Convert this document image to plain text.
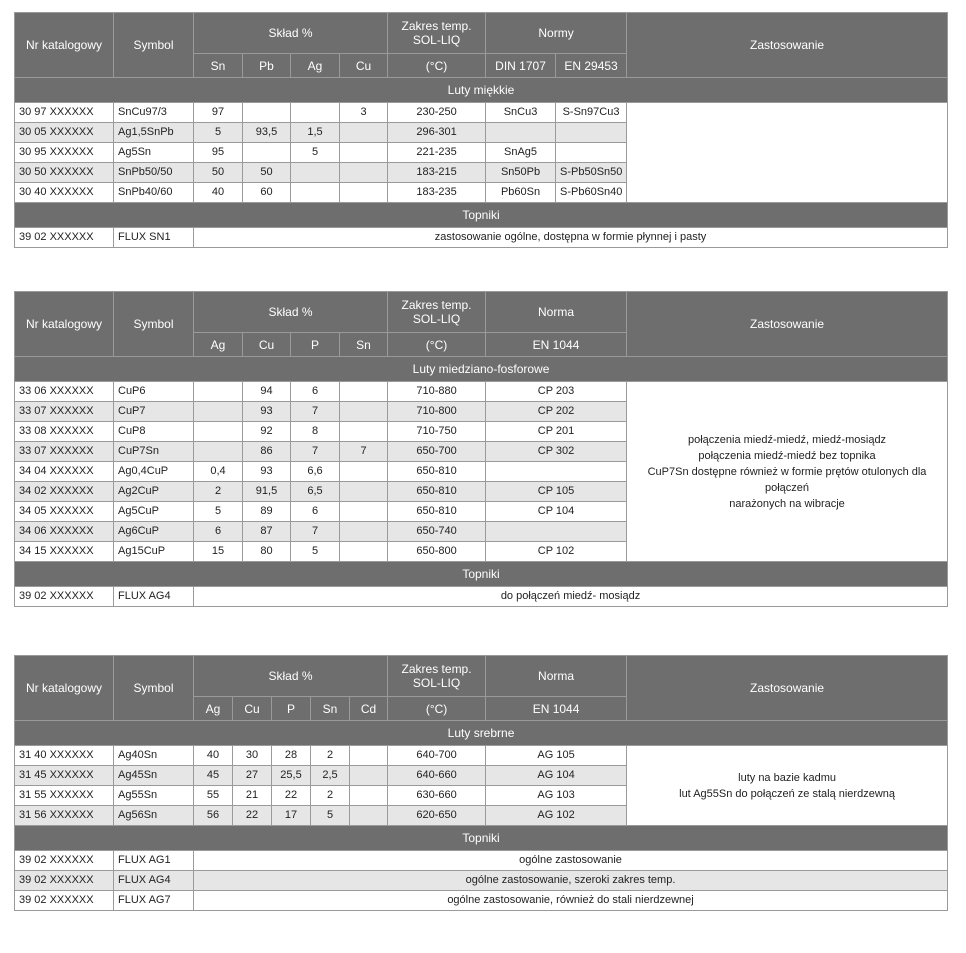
Nr katalogowy	Symbol	Skład %				Zakres temp.
SOL-LIQ	Normy		Zastosowanie
		Sn	Pb	Ag	Cu	(°C)	DIN 1707	EN 29453	
Luty miękkie									
30 97 XXXXXX	SnCu97/3	97			3	230-250	SnCu3	S-Sn97Cu3	
30 05 XXXXXX	Ag1,5SnPb	5	93,5	1,5		296-301			
30 95 XXXXXX	Ag5Sn	95		5		221-235	SnAg5		
30 50 XXXXXX	SnPb50/50	50	50			183-215	Sn50Pb	S-Pb50Sn50	
30 40 XXXXXX	SnPb40/60	40	60			183-235	Pb60Sn	S-Pb60Sn40	
Topniki									
39 02 XXXXXX	FLUX SN1	zastosowanie ogólne, dostępna w formie płynnej i pasty							
Nr katalogowy	Symbol	Skład %				Zakres temp.
SOL-LIQ	Norma	Zastosowanie
		Ag	Cu	P	Sn	(°C)	EN 1044	
Luty miedziano-fosforowe								
33 06 XXXXXX	CuP6		94	6		710-880	CP 203	połączenia miedź-miedź, miedź-mosiądz
połączenia miedź-miedź bez topnika
CuP7Sn dostępne również w formie prętów otulonych dla połączeń
narażonych na wibracje

33 07 XXXXXX	CuP7		93	7		710-800	CP 202	
33 08 XXXXXX	CuP8		92	8		710-750	CP 201	
33 07 XXXXXX	CuP7Sn		86	7	7	650-700	CP 302	
34 04 XXXXXX	Ag0,4CuP	0,4	93	6,6		650-810		
34 02 XXXXXX	Ag2CuP	2	91,5	6,5		650-810	CP 105	
34 05 XXXXXX	Ag5CuP	5	89	6		650-810	CP 104	
34 06 XXXXXX	Ag6CuP	6	87	7		650-740		
34 15 XXXXXX	Ag15CuP	15	80	5		650-800	CP 102	
Topniki								
39 02 XXXXXX	FLUX AG4	do połączeń miedź- mosiądz						
Nr katalogowy	Symbol	Skład %					Zakres temp.
SOL-LIQ	Norma	Zastosowanie
		Ag	Cu	P	Sn	Cd	(°C)	EN 1044	
Luty srebrne									
31 40 XXXXXX	Ag40Sn	40	30	28	2		640-700	AG 105	luty na bazie kadmu
lut Ag55Sn do połączeń ze stalą nierdzewną

31 45 XXXXXX	Ag45Sn	45	27	25,5	2,5		640-660	AG 104	
31 55 XXXXXX	Ag55Sn	55	21	22	2		630-660	AG 103	
31 56 XXXXXX	Ag56Sn	56	22	17	5		620-650	AG 102	
Topniki									
39 02 XXXXXX	FLUX AG1	ogólne zastosowanie							
39 02 XXXXXX	FLUX AG4	ogólne zastosowanie, szeroki zakres temp.							
39 02 XXXXXX	FLUX AG7	ogólne zastosowanie, również do stali nierdzewnej							
